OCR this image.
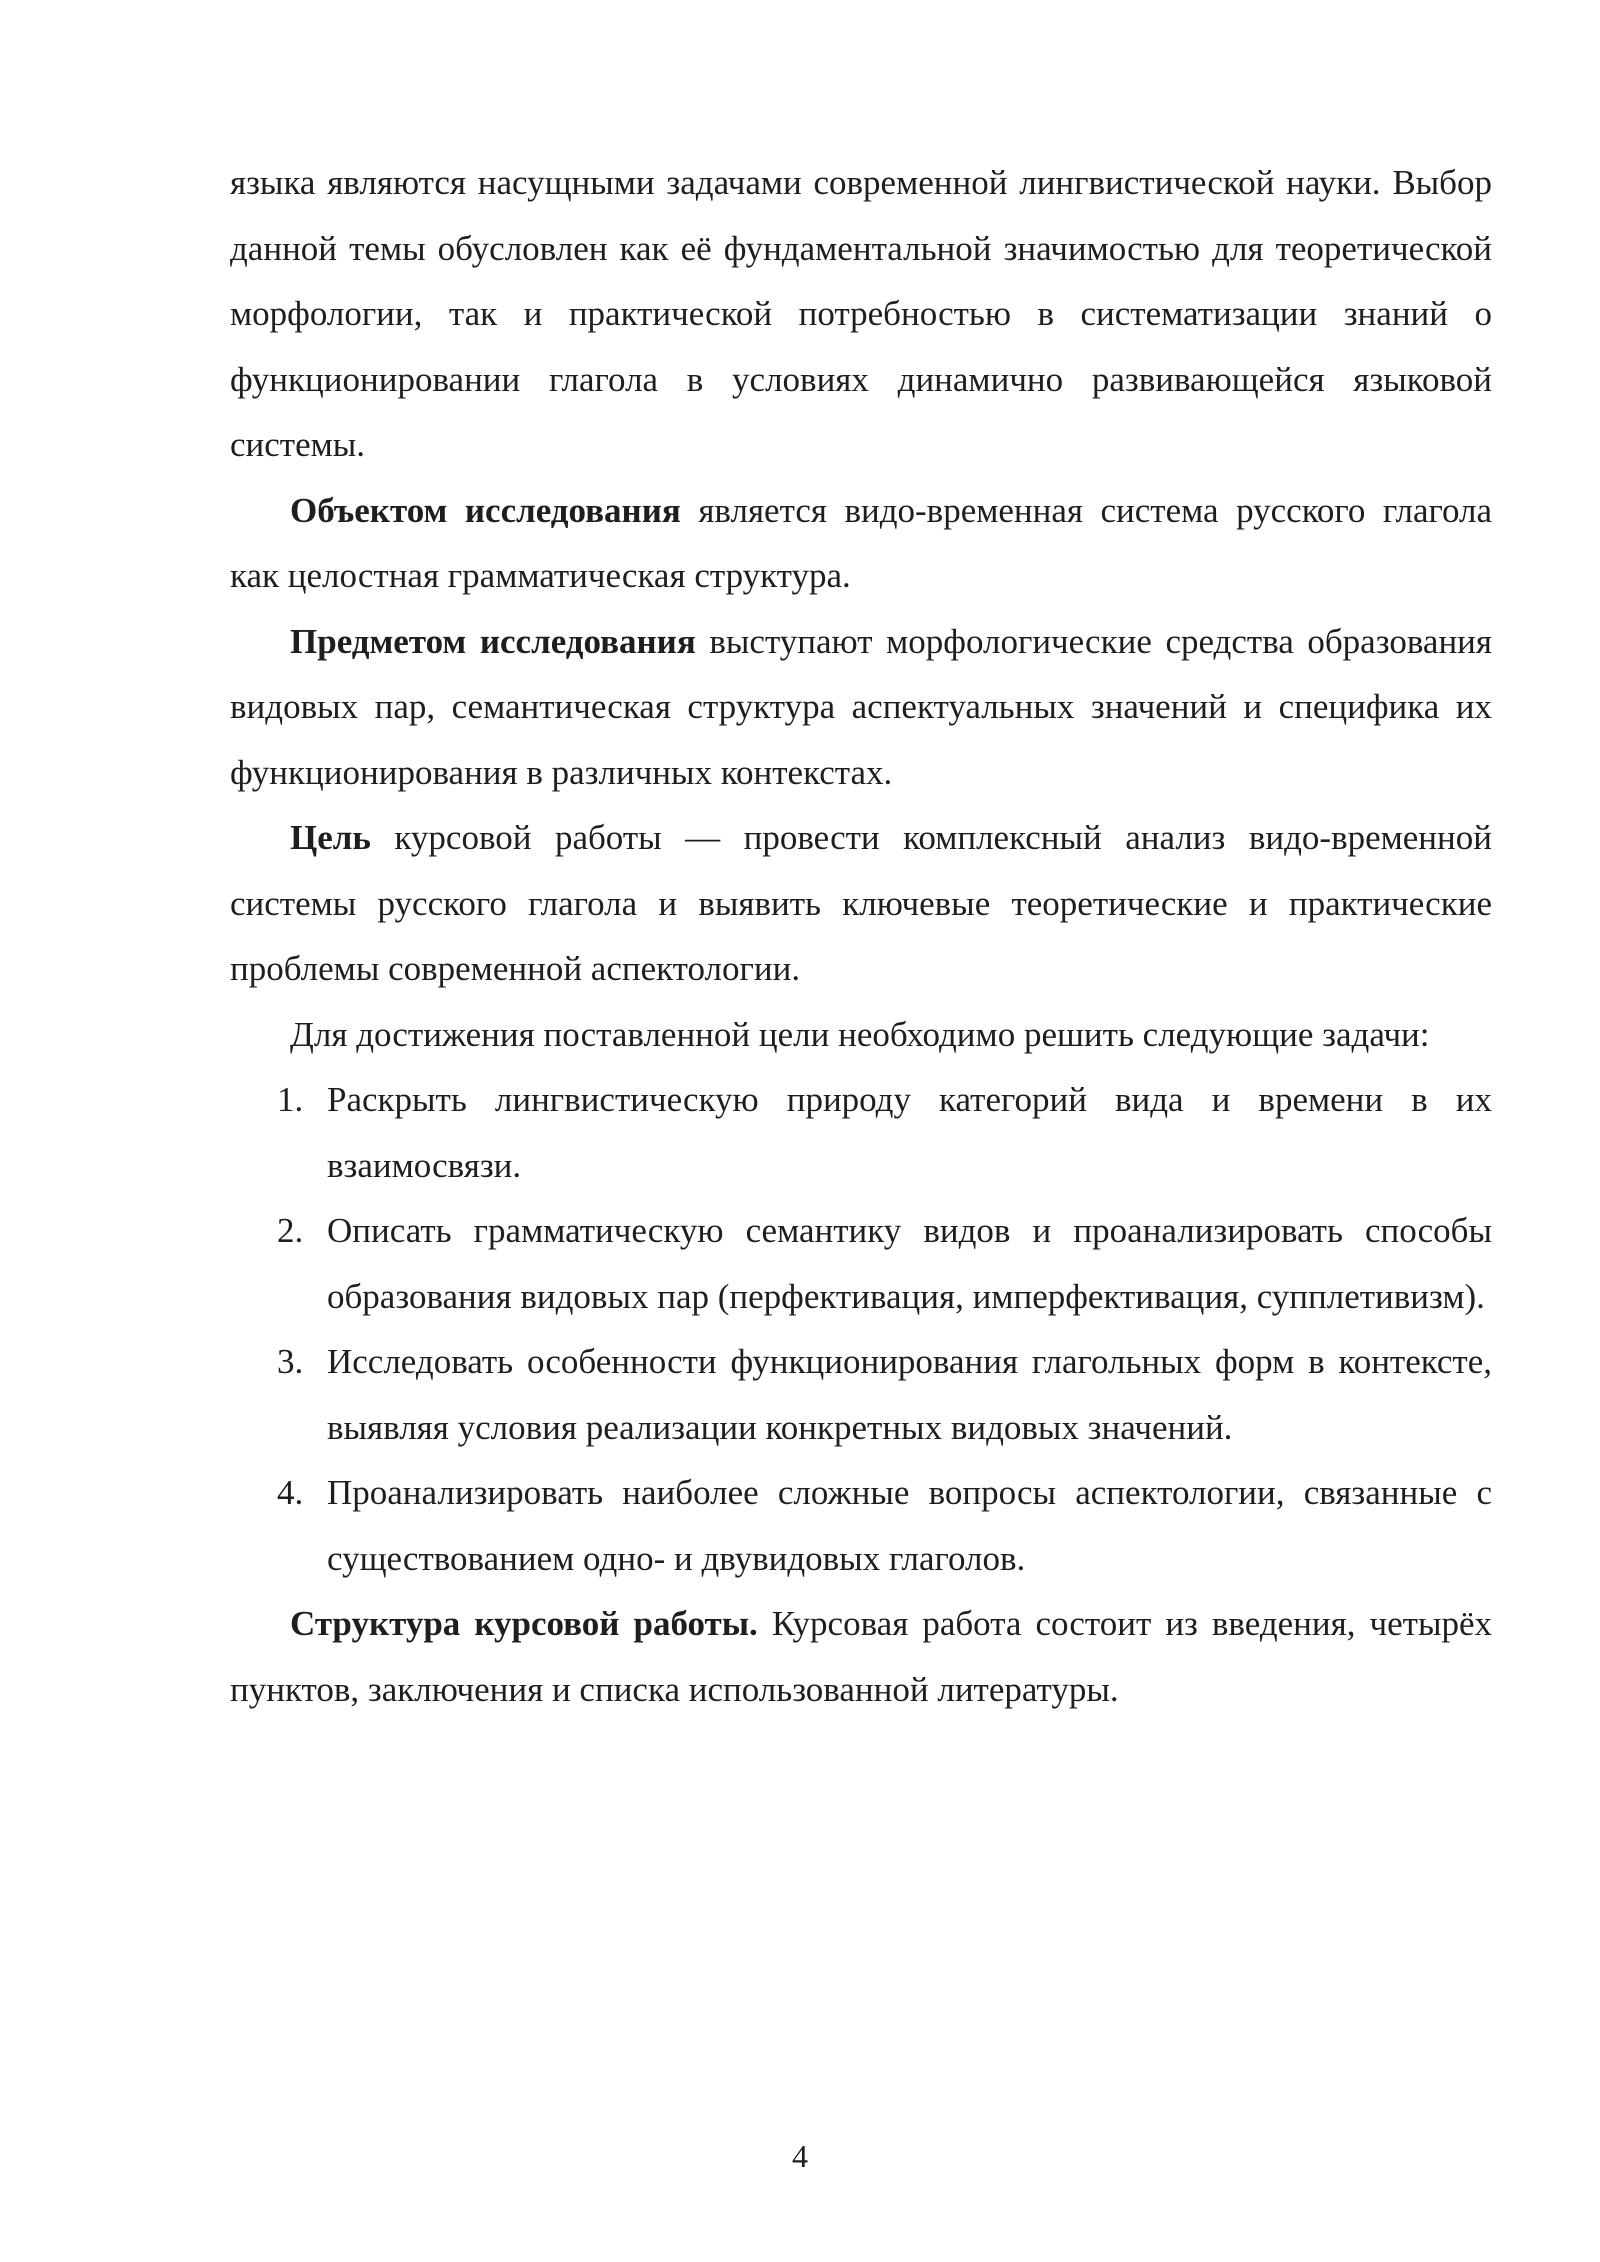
языка являются насущными задачами современной лингвистической науки. Выбор данной темы обусловлен как её фундаментальной значимостью для теоретической морфологии, так и практической потребностью в систематизации знаний о функционировании глагола в условиях динамично развивающейся языковой системы.

Объектом исследования является видо-временная система русского глагола как целостная грамматическая структура.

Предметом исследования выступают морфологические средства образования видовых пар, семантическая структура аспектуальных значений и специфика их функционирования в различных контекстах.

Цель курсовой работы — провести комплексный анализ видо-временной системы русского глагола и выявить ключевые теоретические и практические проблемы современной аспектологии.

Для достижения поставленной цели необходимо решить следующие задачи:

1. Раскрыть лингвистическую природу категорий вида и времени в их взаимосвязи.
2. Описать грамматическую семантику видов и проанализировать способы образования видовых пар (перфективация, имперфективация, супплетивизм).
3. Исследовать особенности функционирования глагольных форм в контексте, выявляя условия реализации конкретных видовых значений.
4. Проанализировать наиболее сложные вопросы аспектологии, связанные с существованием одно- и двувидовых глаголов.

Структура курсовой работы. Курсовая работа состоит из введения, четырёх пунктов, заключения и списка использованной литературы.

4
